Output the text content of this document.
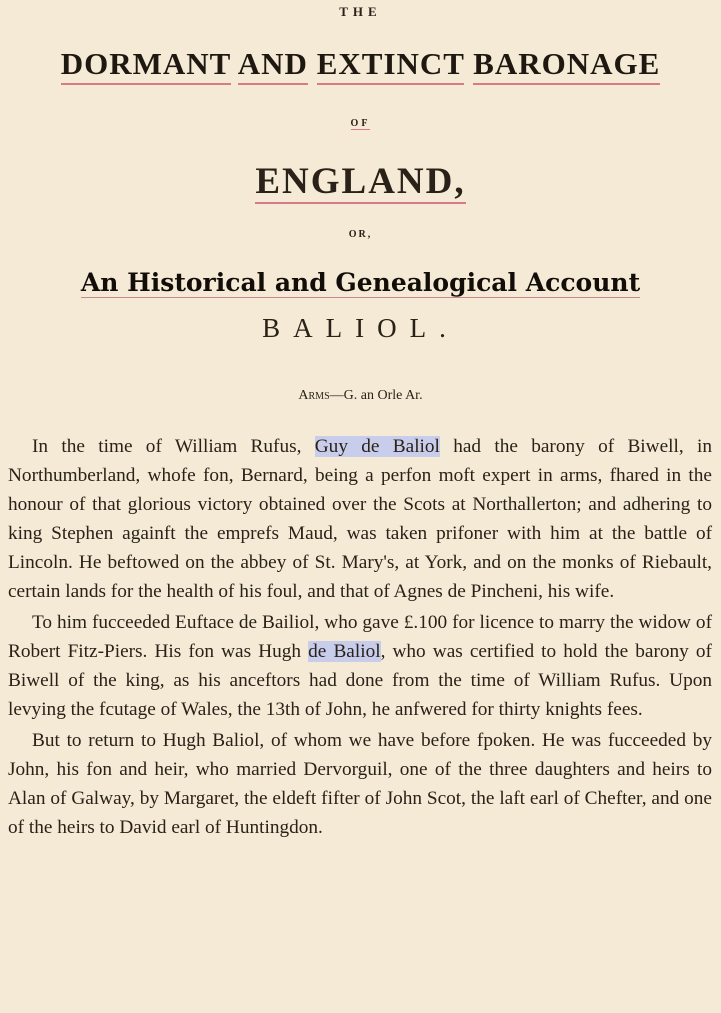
THE
DORMANT AND EXTINCT BARONAGE
OF
ENGLAND,
OR,
An Historical and Genealogical Account
BALIOL.
Arms—G. an Orle Ar.

In the time of William Rufus, Guy de Baliol had the barony of Biwell, in Northumberland, whofe fon, Bernard, being a perfon moft expert in arms, fhared in the honour of that glorious victory obtained over the Scots at Northallerton; and adhering to king Stephen againft the emprefs Maud, was taken prifoner with him at the battle of Lincoln. He beftowed on the abbey of St. Mary's, at York, and on the monks of Riebault, certain lands for the health of his foul, and that of Agnes de Pincheni, his wife.

To him fucceeded Euftace de Bailiol, who gave £.100 for licence to marry the widow of Robert Fitz-Piers. His fon was Hugh de Baliol, who was certified to hold the barony of Biwell of the king, as his anceftors had done from the time of William Rufus. Upon levying the fcutage of Wales, the 13th of John, he anfwered for thirty knights fees.

But to return to Hugh Baliol, of whom we have before fpoken. He was fucceeded by John, his fon and heir, who married Dervorguil, one of the three daughters and heirs to Alan of Galway, by Margaret, the eldeft fifter of John Scot, the laft earl of Chefter, and one of the heirs to David earl of Huntingdon.
